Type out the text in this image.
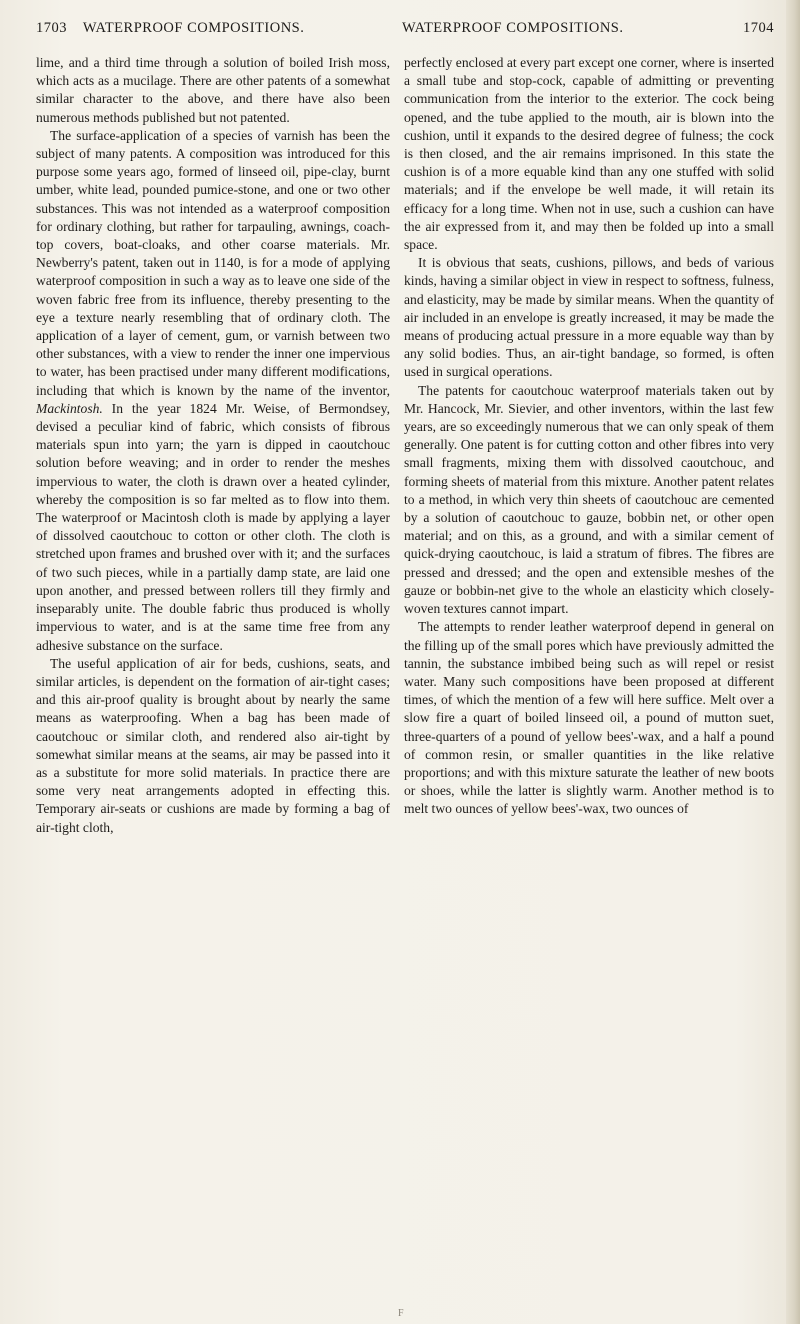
1703 WATERPROOF COMPOSITIONS.	WATERPROOF COMPOSITIONS.	1704

lime, and a third time through a solution of boiled Irish moss, which acts as a mucilage. There are other patents of a somewhat similar character to the above, and there have also been numerous methods published but not patented.

The surface-application of a species of varnish has been the subject of many patents. A composition was introduced for this purpose some years ago, formed of linseed oil, pipe-clay, burnt umber, white lead, pounded pumice-stone, and one or two other substances. This was not intended as a waterproof composition for ordinary clothing, but rather for tarpauling, awnings, coach-top covers, boat-cloaks, and other coarse materials. Mr. Newberry's patent, taken out in 1140, is for a mode of applying waterproof composition in such a way as to leave one side of the woven fabric free from its influence, thereby presenting to the eye a texture nearly resembling that of ordinary cloth. The application of a layer of cement, gum, or varnish between two other substances, with a view to render the inner one impervious to water, has been practised under many different modifications, including that which is known by the name of the inventor, Mackintosh. In the year 1824 Mr. Weise, of Bermondsey, devised a peculiar kind of fabric, which consists of fibrous materials spun into yarn; the yarn is dipped in caoutchouc solution before weaving; and in order to render the meshes impervious to water, the cloth is drawn over a heated cylinder, whereby the composition is so far melted as to flow into them. The waterproof or Macintosh cloth is made by applying a layer of dissolved caoutchouc to cotton or other cloth. The cloth is stretched upon frames and brushed over with it; and the surfaces of two such pieces, while in a partially damp state, are laid one upon another, and pressed between rollers till they firmly and inseparably unite. The double fabric thus produced is wholly impervious to water, and is at the same time free from any adhesive substance on the surface.

The useful application of air for beds, cushions, seats, and similar articles, is dependent on the formation of air-tight cases; and this air-proof quality is brought about by nearly the same means as waterproofing. When a bag has been made of caoutchouc or similar cloth, and rendered also air-tight by somewhat similar means at the seams, air may be passed into it as a substitute for more solid materials. In practice there are some very neat arrangements adopted in effecting this. Temporary air-seats or cushions are made by forming a bag of air-tight cloth,

perfectly enclosed at every part except one corner, where is inserted a small tube and stop-cock, capable of admitting or preventing communication from the interior to the exterior. The cock being opened, and the tube applied to the mouth, air is blown into the cushion, until it expands to the desired degree of fulness; the cock is then closed, and the air remains imprisoned. In this state the cushion is of a more equable kind than any one stuffed with solid materials; and if the envelope be well made, it will retain its efficacy for a long time. When not in use, such a cushion can have the air expressed from it, and may then be folded up into a small space.

It is obvious that seats, cushions, pillows, and beds of various kinds, having a similar object in view in respect to softness, fulness, and elasticity, may be made by similar means. When the quantity of air included in an envelope is greatly increased, it may be made the means of producing actual pressure in a more equable way than by any solid bodies. Thus, an air-tight bandage, so formed, is often used in surgical operations.

The patents for caoutchouc waterproof materials taken out by Mr. Hancock, Mr. Sievier, and other inventors, within the last few years, are so exceedingly numerous that we can only speak of them generally. One patent is for cutting cotton and other fibres into very small fragments, mixing them with dissolved caoutchouc, and forming sheets of material from this mixture. Another patent relates to a method, in which very thin sheets of caoutchouc are cemented by a solution of caoutchouc to gauze, bobbin net, or other open material; and on this, as a ground, and with a similar cement of quick-drying caoutchouc, is laid a stratum of fibres. The fibres are pressed and dressed; and the open and extensible meshes of the gauze or bobbin-net give to the whole an elasticity which closely-woven textures cannot impart.

The attempts to render leather waterproof depend in general on the filling up of the small pores which have previously admitted the tannin, the substance imbibed being such as will repel or resist water. Many such compositions have been proposed at different times, of which the mention of a few will here suffice. Melt over a slow fire a quart of boiled linseed oil, a pound of mutton suet, three-quarters of a pound of yellow bees'-wax, and a half a pound of common resin, or smaller quantities in the like relative proportions; and with this mixture saturate the leather of new boots or shoes, while the latter is slightly warm. Another method is to melt two ounces of yellow bees'-wax, two ounces of

F
